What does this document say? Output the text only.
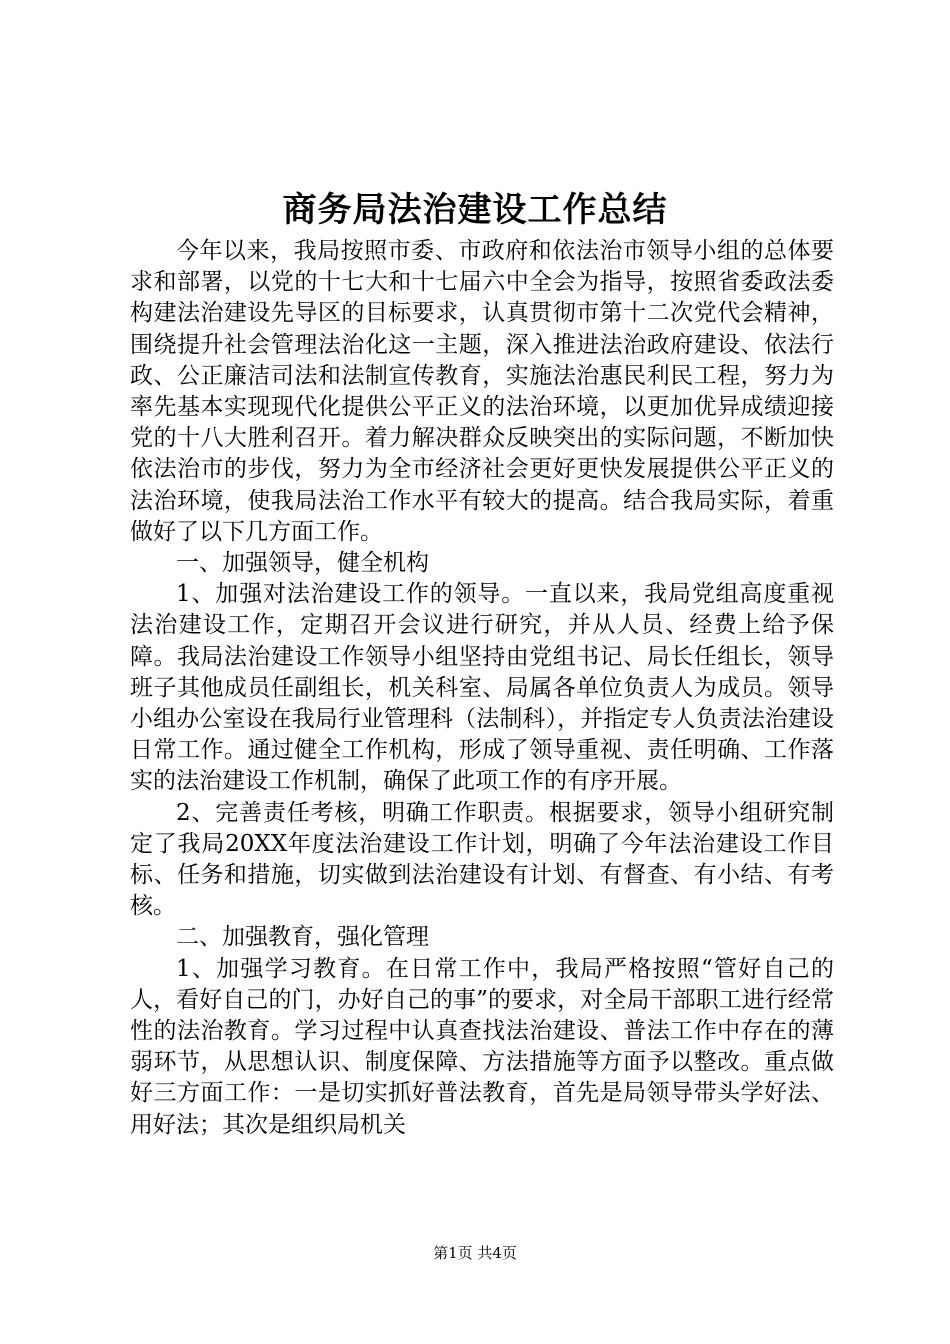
商务局法治建设工作总结

今年以来，我局按照市委、市政府和依法治市领导小组的总体要求和部署，以党的十七大和十七届六中全会为指导，按照省委政法委构建法治建设先导区的目标要求，认真贯彻市第十二次党代会精神，围绕提升社会管理法治化这一主题，深入推进法治政府建设、依法行政、公正廉洁司法和法制宣传教育，实施法治惠民利民工程，努力为率先基本实现现代化提供公平正义的法治环境，以更加优异成绩迎接党的十八大胜利召开。着力解决群众反映突出的实际问题，不断加快依法治市的步伐，努力为全市经济社会更好更快发展提供公平正义的法治环境，使我局法治工作水平有较大的提高。结合我局实际，着重做好了以下几方面工作。

一、加强领导，健全机构

1、加强对法治建设工作的领导。一直以来，我局党组高度重视法治建设工作，定期召开会议进行研究，并从人员、经费上给予保障。我局法治建设工作领导小组坚持由党组书记、局长任组长，领导班子其他成员任副组长，机关科室、局属各单位负责人为成员。领导小组办公室设在我局行业管理科（法制科），并指定专人负责法治建设日常工作。通过健全工作机构，形成了领导重视、责任明确、工作落实的法治建设工作机制，确保了此项工作的有序开展。

2、完善责任考核，明确工作职责。根据要求，领导小组研究制定了我局20XX年度法治建设工作计划，明确了今年法治建设工作目标、任务和措施，切实做到法治建设有计划、有督查、有小结、有考核。

二、加强教育，强化管理

1、加强学习教育。在日常工作中，我局严格按照“管好自己的人，看好自己的门，办好自己的事”的要求，对全局干部职工进行经常性的法治教育。学习过程中认真查找法治建设、普法工作中存在的薄弱环节，从思想认识、制度保障、方法措施等方面予以整改。重点做好三方面工作：一是切实抓好普法教育，首先是局领导带头学好法、用好法；其次是组织局机关

第1页 共4页
